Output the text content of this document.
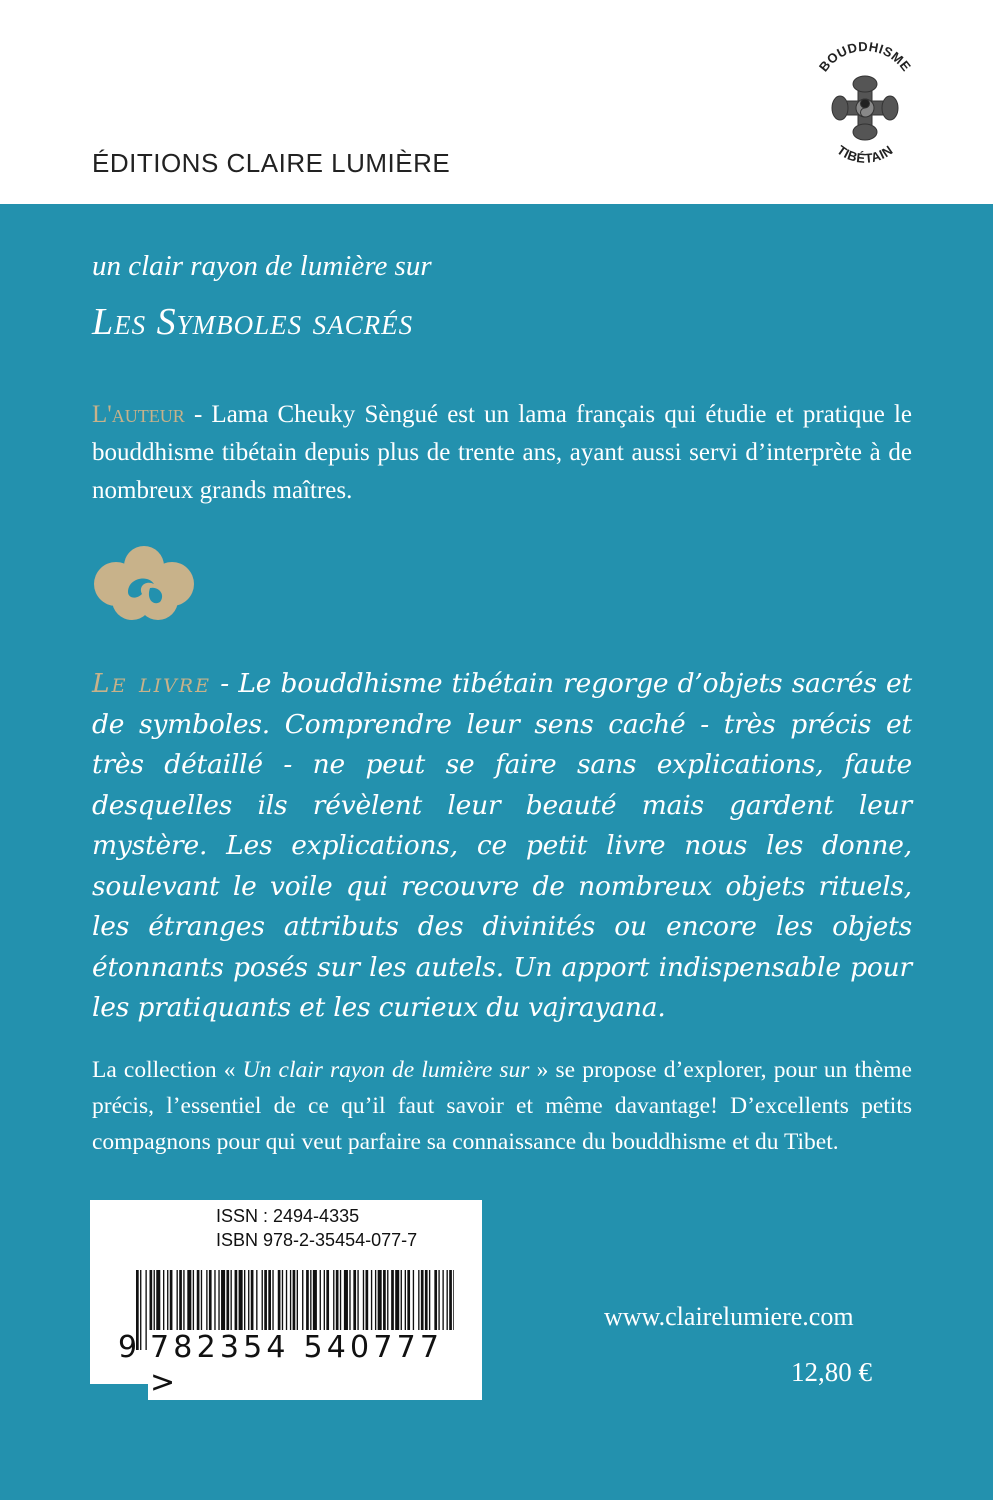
ÉDITIONS CLAIRE LUMIÈRE
BOUDDHISME
TIBÉTAIN
un clair rayon de lumière sur
Les Symboles sacrés
L'auteur - Lama Cheuky Sèngué est un lama français qui étudie et pratique le bouddhisme tibétain depuis plus de trente ans, ayant aussi servi d’interprète à de nombreux grands maîtres.
Le livre - Le bouddhisme tibétain regorge d’objets sacrés et de symboles. Comprendre leur sens caché - très précis et très détaillé - ne peut se faire sans explications, faute desquelles ils révèlent leur beauté mais gardent leur mystère. Les explications, ce petit livre nous les donne, soulevant le voile qui recouvre de nombreux objets rituels, les étranges attributs des divinités ou encore les objets étonnants posés sur les autels. Un apport indispensable pour les pratiquants et les curieux du vajrayana.
La collection « Un clair rayon de lumière sur » se propose d’explorer, pour un thème précis, l’essentiel de ce qu’il faut savoir et même davantage! D’excellents petits compagnons pour qui veut parfaire sa connaissance du bouddhisme et du Tibet.
ISSN : 2494-4335
ISBN 978-2-35454-077-7
9 782354 540777 >
www.clairelumiere.com
12,80 €
